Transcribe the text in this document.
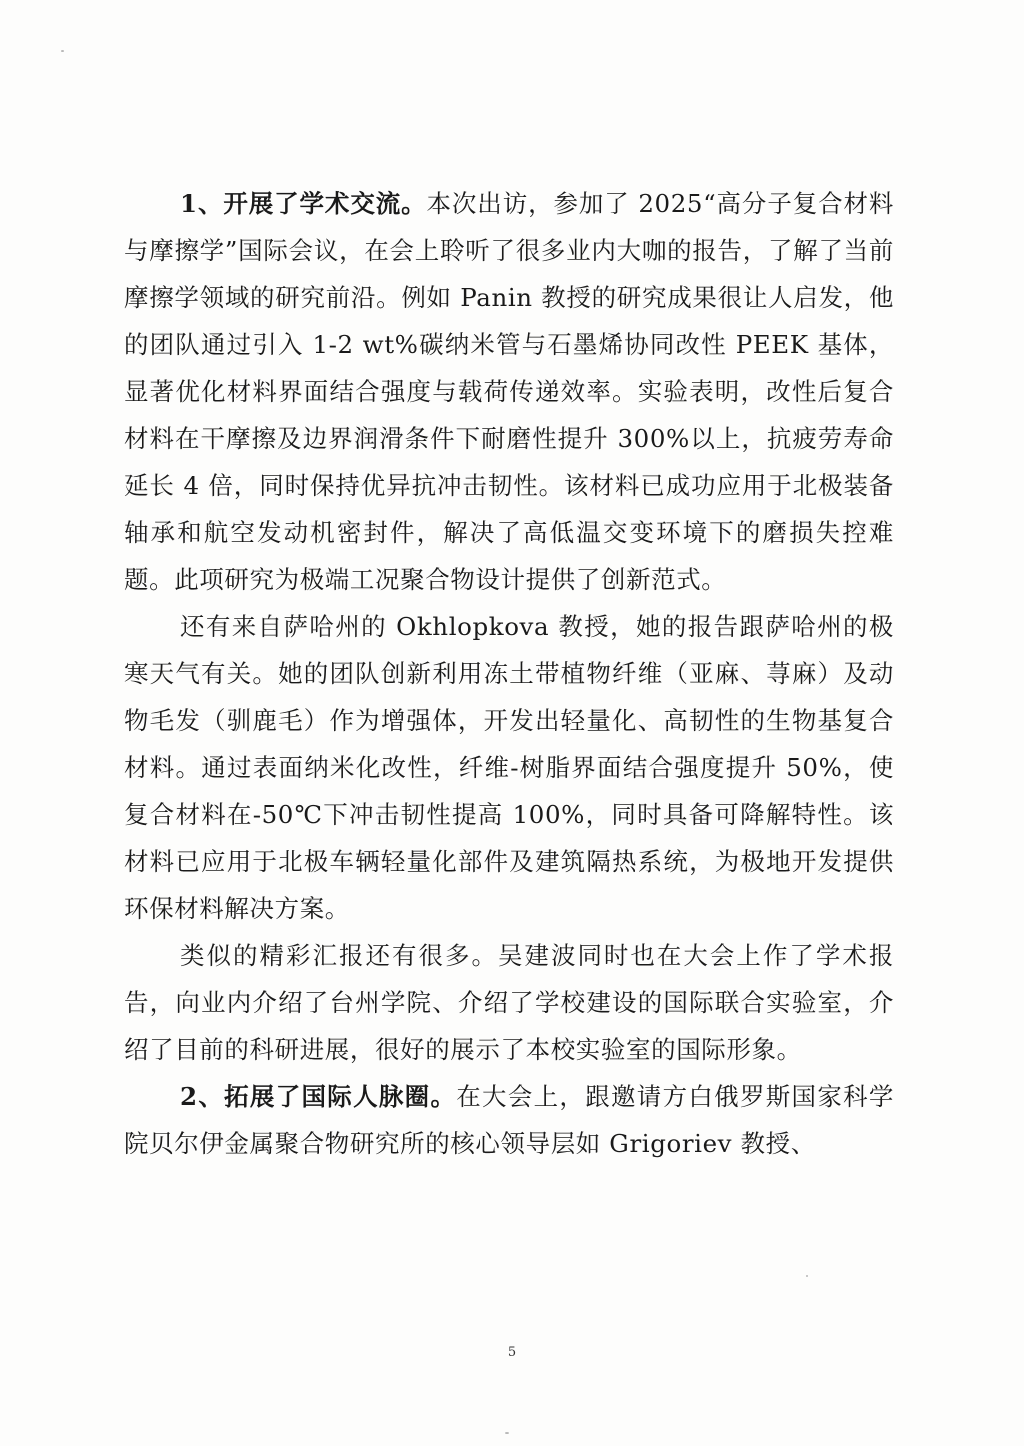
1、开展了学术交流。本次出访，参加了 2025“高分子复合材料与摩擦学”国际会议，在会上聆听了很多业内大咖的报告，了解了当前摩擦学领域的研究前沿。例如 Panin 教授的研究成果很让人启发，他的团队通过引入 1-2 wt%碳纳米管与石墨烯协同改性 PEEK 基体，显著优化材料界面结合强度与载荷传递效率。实验表明，改性后复合材料在干摩擦及边界润滑条件下耐磨性提升 300%以上，抗疲劳寿命延长 4 倍，同时保持优异抗冲击韧性。该材料已成功应用于北极装备轴承和航空发动机密封件，解决了高低温交变环境下的磨损失控难题。此项研究为极端工况聚合物设计提供了创新范式。

还有来自萨哈州的 Okhlopkova 教授，她的报告跟萨哈州的极寒天气有关。她的团队创新利用冻土带植物纤维（亚麻、荨麻）及动物毛发（驯鹿毛）作为增强体，开发出轻量化、高韧性的生物基复合材料。通过表面纳米化改性，纤维-树脂界面结合强度提升 50%，使复合材料在-50℃下冲击韧性提高 100%，同时具备可降解特性。该材料已应用于北极车辆轻量化部件及建筑隔热系统，为极地开发提供环保材料解决方案。

类似的精彩汇报还有很多。吴建波同时也在大会上作了学术报告，向业内介绍了台州学院、介绍了学校建设的国际联合实验室，介绍了目前的科研进展，很好的展示了本校实验室的国际形象。

2、拓展了国际人脉圈。在大会上，跟邀请方白俄罗斯国家科学院贝尔伊金属聚合物研究所的核心领导层如 Grigoriev 教授、

5
